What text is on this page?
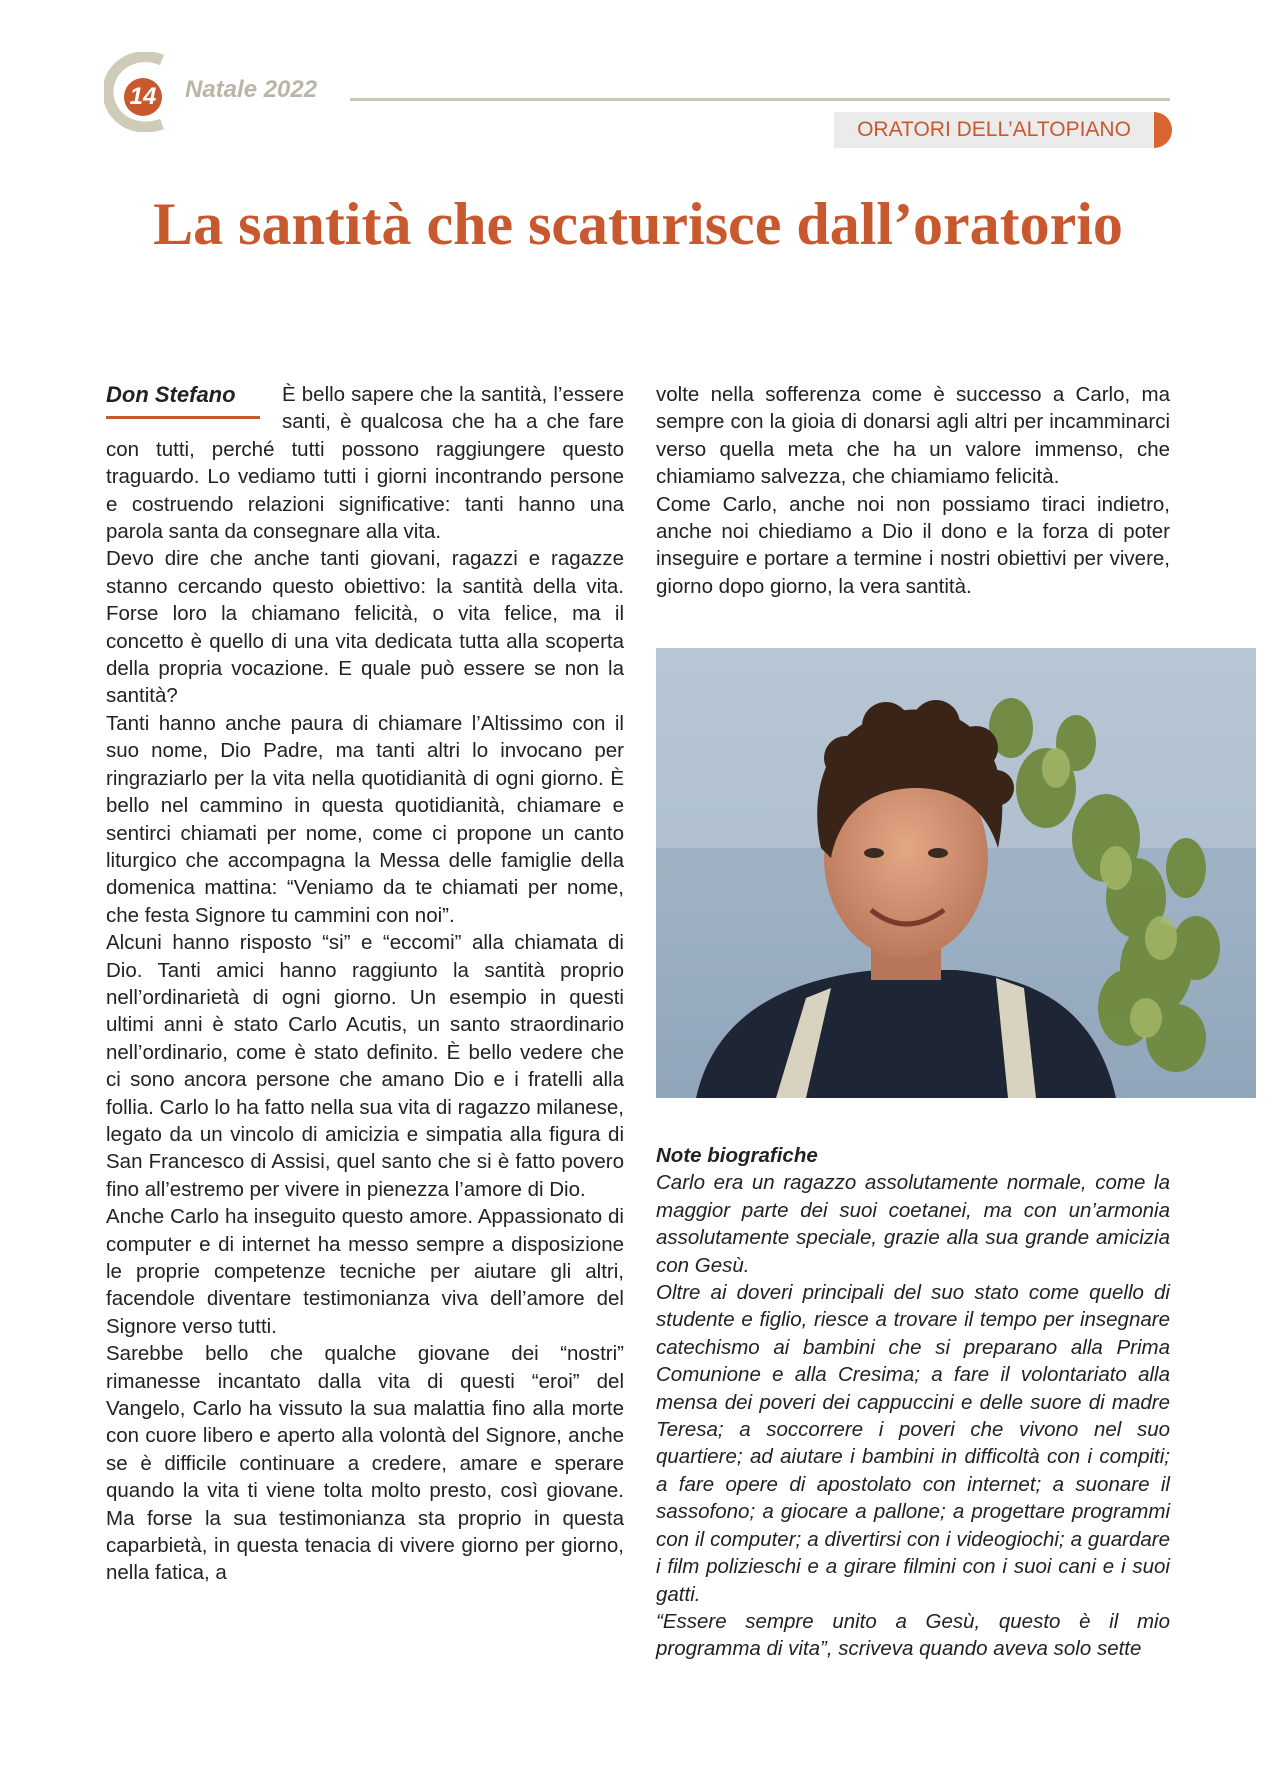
14 Natale 2022
ORATORI DELL’ALTOPIANO
La santità che scaturisce dall’oratorio
Don Stefano	È bello sapere che la santità, l’essere santi, è qualcosa che ha a che fare con tutti, perché tutti possono raggiungere questo traguardo. Lo vediamo tutti i giorni incontrando persone e costruendo relazioni significative: tanti hanno una parola santa da consegnare alla vita.

Devo dire che anche tanti giovani, ragazzi e ragazze stanno cercando questo obiettivo: la santità della vita. Forse loro la chiamano felicità, o vita felice, ma il concetto è quello di una vita dedicata tutta alla scoperta della propria vocazione. E quale può essere se non la santità?

Tanti hanno anche paura di chiamare l’Altissimo con il suo nome, Dio Padre, ma tanti altri lo invocano per ringraziarlo per la vita nella quotidianità di ogni giorno. È bello nel cammino in questa quotidianità, chiamare e sentirci chiamati per nome, come ci propone un canto liturgico che accompagna la Messa delle famiglie della domenica mattina: “Veniamo da te chiamati per nome, che festa Signore tu cammini con noi”.

Alcuni hanno risposto “si” e “eccomi” alla chiamata di Dio. Tanti amici hanno raggiunto la santità proprio nell’ordinarietà di ogni giorno. Un esempio in questi ultimi anni è stato Carlo Acutis, un santo straordinario nell’ordinario, come è stato definito. È bello vedere che ci sono ancora persone che amano Dio e i fratelli alla follia. Carlo lo ha fatto nella sua vita di ragazzo milanese, legato da un vincolo di amicizia e simpatia alla figura di San Francesco di Assisi, quel santo che si è fatto povero fino all’estremo per vivere in pienezza l’amore di Dio.

Anche Carlo ha inseguito questo amore. Appassionato di computer e di internet ha messo sempre a disposizione le proprie competenze tecniche per aiutare gli altri, facendole diventare testimonianza viva dell’amore del Signore verso tutti.

Sarebbe bello che qualche giovane dei “nostri” rimanesse incantato dalla vita di questi “eroi” del Vangelo, Carlo ha vissuto la sua malattia fino alla morte con cuore libero e aperto alla volontà del Signore, anche se è difficile continuare a credere, amare e sperare quando la vita ti viene tolta molto presto, così giovane. Ma forse la sua testimonianza sta proprio in questa caparbietà, in questa tenacia di vivere giorno per giorno, nella fatica, a

volte nella sofferenza come è successo a Carlo, ma sempre con la gioia di donarsi agli altri per incamminarci verso quella meta che ha un valore immenso, che chiamiamo salvezza, che chiamiamo felicità.

Come Carlo, anche noi non possiamo tiraci indietro, anche noi chiediamo a Dio il dono e la forza di poter inseguire e portare a termine i nostri obiettivi per vivere, giorno dopo giorno, la vera santità.

Note biografiche

Carlo era un ragazzo assolutamente normale, come la maggior parte dei suoi coetanei, ma con un’armonia assolutamente speciale, grazie alla sua grande amicizia con Gesù.

Oltre ai doveri principali del suo stato come quello di studente e figlio, riesce a trovare il tempo per insegnare catechismo ai bambini che si preparano alla Prima Comunione e alla Cresima; a fare il volontariato alla mensa dei poveri dei cappuccini e delle suore di madre Teresa; a soccorrere i poveri che vivono nel suo quartiere; ad aiutare i bambini in difficoltà con i compiti; a fare opere di apostolato con internet; a suonare il sassofono; a giocare a pallone; a progettare programmi con il computer; a divertirsi con i videogiochi; a guardare i film polizieschi e a girare filmini con i suoi cani e i suoi gatti.

“Essere sempre unito a Gesù, questo è il mio programma di vita”, scriveva quando aveva solo sette
